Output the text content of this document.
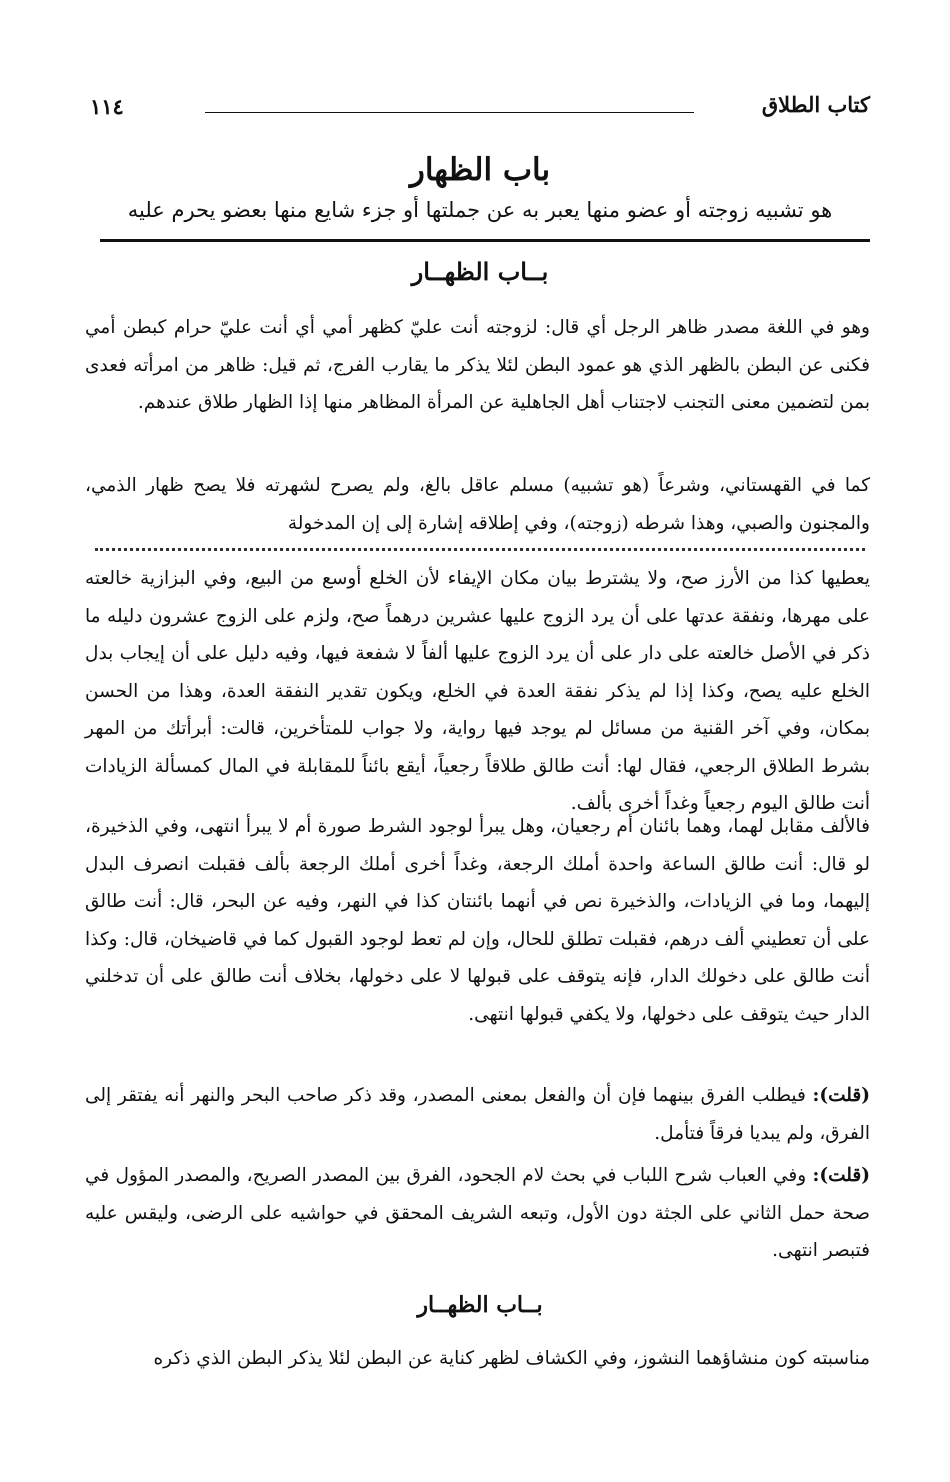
كتاب الطلاق
١١٤
باب الظهار
هو تشبيه زوجته أو عضو منها يعبر به عن جملتها أو جزء شايع منها بعضو يحرم عليه
بــاب الظهــار
وهو في اللغة مصدر ظاهر الرجل أي قال: لزوجته أنت عليّ كظهر أمي أي أنت عليّ حرام كبطن أمي فكنى عن البطن بالظهر الذي هو عمود البطن لئلا يذكر ما يقارب الفرج، ثم قيل: ظاهر من امرأته فعدى بمن لتضمين معنى التجنب لاجتناب أهل الجاهلية عن المرأة المظاهر منها إذا الظهار طلاق عندهم.
كما في القهستاني، وشرعاً (هو تشبيه) مسلم عاقل بالغ، ولم يصرح لشهرته فلا يصح ظهار الذمي، والمجنون والصبي، وهذا شرطه (زوجته)، وفي إطلاقه إشارة إلى إن المدخولة
يعطيها كذا من الأرز صح، ولا يشترط بيان مكان الإيفاء لأن الخلع أوسع من البيع، وفي البزازية خالعته على مهرها، ونفقة عدتها على أن يرد الزوج عليها عشرين درهماً صح، ولزم على الزوج عشرون دليله ما ذكر في الأصل خالعته على دار على أن يرد الزوج عليها ألفاً لا شفعة فيها، وفيه دليل على أن إيجاب بدل الخلع عليه يصح، وكذا إذا لم يذكر نفقة العدة في الخلع، ويكون تقدير النفقة العدة، وهذا من الحسن بمكان، وفي آخر القنية من مسائل لم يوجد فيها رواية، ولا جواب للمتأخرين، قالت: أبرأتك من المهر بشرط الطلاق الرجعي، فقال لها: أنت طالق طلاقاً رجعياً، أيقع بائناً للمقابلة في المال كمسألة الزيادات أنت طالق اليوم رجعياً وغداً أخرى بألف.
فالألف مقابل لهما، وهما بائنان أم رجعيان، وهل يبرأ لوجود الشرط صورة أم لا يبرأ انتهى، وفي الذخيرة، لو قال: أنت طالق الساعة واحدة أملك الرجعة، وغداً أخرى أملك الرجعة بألف فقبلت انصرف البدل إليهما، وما في الزيادات، والذخيرة نص في أنهما بائنتان كذا في النهر، وفيه عن البحر، قال: أنت طالق على أن تعطيني ألف درهم، فقبلت تطلق للحال، وإن لم تعط لوجود القبول كما في قاضيخان، قال: وكذا أنت طالق على دخولك الدار، فإنه يتوقف على قبولها لا على دخولها، بخلاف أنت طالق على أن تدخلني الدار حيث يتوقف على دخولها، ولا يكفي قبولها انتهى.
(قلت): فيطلب الفرق بينهما فإن أن والفعل بمعنى المصدر، وقد ذكر صاحب البحر والنهر أنه يفتقر إلى الفرق، ولم يبديا فرقاً فتأمل.
(قلت): وفي العباب شرح اللباب في بحث لام الجحود، الفرق بين المصدر الصريح، والمصدر المؤول في صحة حمل الثاني على الجثة دون الأول، وتبعه الشريف المحقق في حواشيه على الرضى، وليقس عليه فتبصر انتهى.
بــاب الظهــار
مناسبته كون منشاؤهما النشوز، وفي الكشاف لظهر كناية عن البطن لئلا يذكر البطن الذي ذكره
